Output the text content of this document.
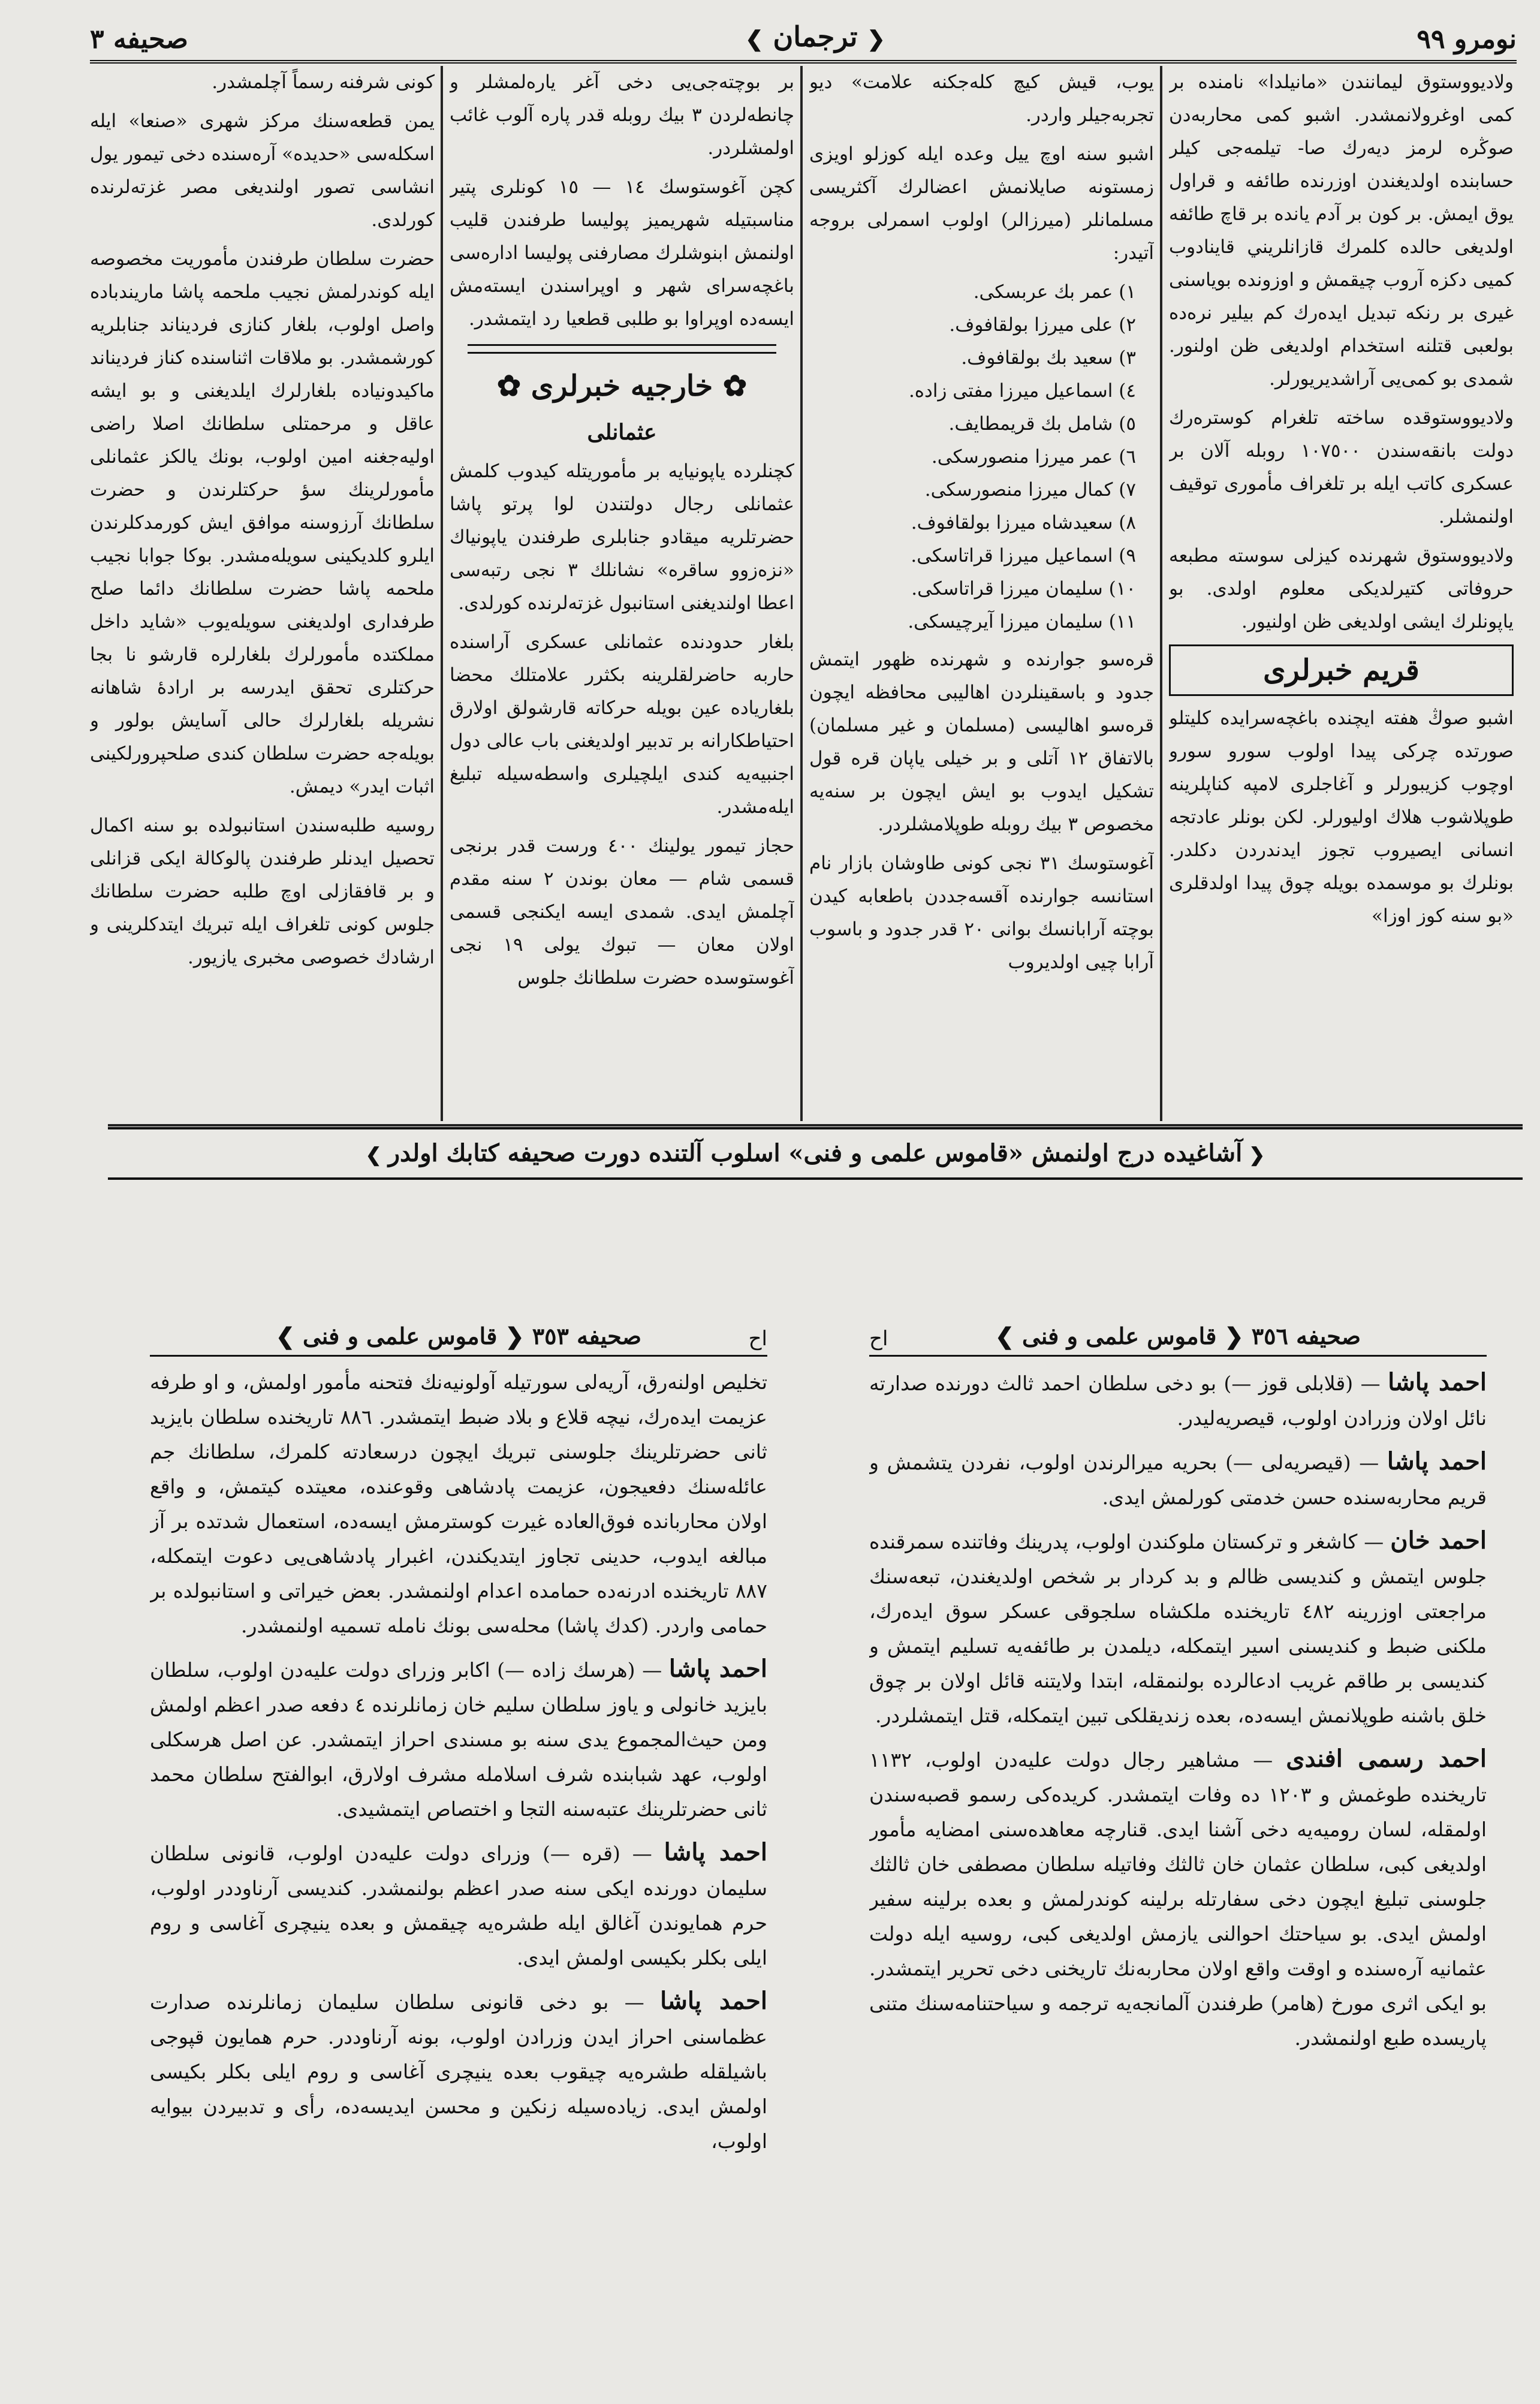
نومرو ٩٩
❮ ترجمان ❯
صحيفه ٣

ولاديووستوق ليمانندن «مانيلدا» نامنده بر كمى اوغرولانمشدر. اشبو كمى محاربه‌دن صوڭره لرمز ديه‌رك صا- تيلمه‌جى كيلر حسابنده اولديغندن اوزرنده طائفه و قراول يوق ايمش. بر كون بر آدم يانده بر قاچ طائفه اولديغى حالده كلمرك قازانلريني قاينادوب كميى دكزه آروب چيقمش و اوزونده بوياسنى غيرى بر رنكه تبديل ايده‌رك كم بيلير نره‌ده بولعبى قتلنه استخدام اولديغى ظن اولنور. شمدى بو كمى‌يى آراشديريورلر.

ولاديووستوقده ساخته تلغرام كوسترەرك دولت بانقه‌سندن ١٠٧٥٠٠ روبله آلان بر عسكرى كاتب ايله بر تلغراف مأمورى توقيف اولنمشلر.

ولاديووستوق شهرنده كيزلى سوسته مطبعه حروفاتى كتيرلديكى معلوم اولدى. بو ياپونلرك ايشى اولديغى ظن اولنيور.

قريم خبرلرى

اشبو صوڭ هفته ايچنده باغچه‌سرايده كليتلو صورتده چركى پيدا اولوب سورو سورو اوچوب كزيبورلر و آغاجلرى لامپه كناپلرينه طوپلاشوب هلاك اوليورلر. لكن بونلر عادتجه انسانى ايصيروب تجوز ايدندردن دكلدر. بونلرك بو موسمده بويله چوق پيدا اولدقلرى «بو سنه كوز اوزا»

يوب، قيش كيچ كله‌جكنه علامت» ديو تجربه‌جيلر واردر.

اشبو سنه اوچ ييل وعده ايله كوزلو اويزى زمستونه صايلانمش اعضالرك آكثريسى مسلمانلر (ميرزالر) اولوب اسمرلى بروجه آتيدر:

١) عمر بك عربسكى.
٢) على ميرزا بولقافوف.
٣) سعيد بك بولقافوف.
٤) اسماعيل ميرزا مفتى زاده.
٥) شامل بك قريمطايف.
٦) عمر ميرزا منصورسكى.
٧) كمال ميرزا منصورسكى.
٨) سعيدشاه ميرزا بولقافوف.
٩) اسماعيل ميرزا قراتاسكى.
١٠) سليمان ميرزا قراتاسكى.
١١) سليمان ميرزا آيرچيسكى.

قرەسو جوارنده و شهرنده ظهور ايتمش جدود و باسقينلردن اهاليبى محافظه ايچون قرەسو اهاليسى (مسلمان و غير مسلمان) بالاتفاق ١٢ آتلى و بر خيلى ياپان قره قول تشكيل ايدوب بو ايش ايچون بر سنه‌يه مخصوص ٣ بيك روبله طوپلامشلردر.

آغوستوسك ٣١ نجى كونى طاوشان بازار نام استانسه جوارنده آقسه‌جددن باطعابه كيدن بوچته آرابانسك بوانى ٢٠ قدر جدود و باسوب آرابا چيى اولديروب

بر بوچته‌جى‌يى دخى آغر ياره‌لمشلر و چانطه‌لردن ٣ بيك روبله قدر پاره آلوب غائب اولمشلردر.

كچن آغوستوسك ١٤ — ١٥ كونلرى پتير مناسبتيله شهريميز پوليسا طرفندن قليب اولنمش ابنوشلرك مصارفنى پوليسا اداره‌سى باغچه‌سراى شهر و اوپراسندن ايستەمش ايسەده اوپراوا بو طلبى قطعيا رد ايتمشدر.

✿ خارجيه خبرلرى ✿
عثمانلى

كچنلرده ياپونيايه بر مأموريتله كيدوب كلمش عثمانلى رجال دولتندن لوا پرتو پاشا حضرتلريه ميقادو جنابلرى طرفندن ياپونياك «نزه‌زوو ساقره» نشانلك ٣ نجى رتبه‌سى اعطا اولنديغنى استانبول غزته‌لرنده كورلدى.

بلغار حدودنده عثمانلى عسكرى آراسنده حاربه حاضرلقلرينه بكثرر علامتلك محضا بلغارياده عين بويله حركاته قارشولق اولارق احتياطكارانه بر تدبير اولديغنى باب عالى دول اجنبيه‌يه كندى ايلچيلرى واسطه‌سيله تبليغ ايله‌مشدر.

حجاز تيمور يولينك ٤٠٠ ورست قدر برنجى قسمى شام — معان بوندن ٢ سنه مقدم آچلمش ايدى. شمدى ايسه ايكنجى قسمى اولان معان — تبوك يولى ١٩ نجى آغوستوسده حضرت سلطانك جلوس

كونى شرفنه رسماً آچلمشدر.

يمن قطعه‌سنك مركز شهرى «صنعا» ايله اسكله‌سى «حديده» آره‌سنده دخى تيمور يول انشاسى تصور اولنديغى مصر غزته‌لرنده كورلدى.

حضرت سلطان طرفندن مأموريت مخصوصه ايله كوندرلمش نجيب ملحمه پاشا ماريندباده واصل اولوب، بلغار كنازى فرديناند جنابلريه كورشمشدر. بو ملاقات اثناسنده كناز فرديناند ماكيدونياده بلغارلرك ايلديغنى و بو ايشه عاقل و مرحمتلى سلطانك اصلا راضى اوليه‌جغنه امين اولوب، بونك يالكز عثمانلى مأمورلرينك سؤ حركتلرندن و حضرت سلطانك آرزوسنه موافق ايش كورمدكلرندن ايلرو كلديكينى سويله‌مشدر. بوكا جوابا نجيب ملحمه پاشا حضرت سلطانك دائما صلح طرفدارى اولديغنى سويله‌يوب «شايد داخل مملكتده مأمورلرك بلغارلره قارشو نا بجا حركتلرى تحقق ايدرسه بر ارادهٔ شاهانه نشريله بلغارلرك حالى آسايش بولور و بويله‌جه حضرت سلطان كندى صلحپرورلكينى اثبات ايدر» ديمش.

روسيه طلبه‌سندن استانبولده بو سنه اكمال تحصيل ايدنلر طرفندن پالوكالة ايكى قزانلى و بر قافقازلى اوچ طلبه حضرت سلطانك جلوس كونى تلغراف ايله تبريك ايتدكلرينى و ارشادك خصوصى مخبرى يازيور.

❮ آشاغيده درج اولنمش «قاموس علمى و فنى» اسلوب آلتنده دورت صحيفه كتابك اولدر ❯
اح	صحيفه ٣٥٦ ❮ قاموس علمى و فنى ❯
احمد پاشا — (قلابلى قوز —) بو دخى سلطان احمد ثالث دورنده صدارته نائل اولان وزرادن اولوب، قيصريه‌ليدر.
احمد پاشا — (قيصريه‌لى —) بحريه ميرالرندن اولوب، نفردن يتشمش و قريم محاربه‌سنده حسن خدمتى كورلمش ايدى.
احمد خان — كاشغر و تركستان ملوكندن اولوب، پدرينك وفاتنده سمرقنده جلوس ايتمش و كنديسى ظالم و بد كردار بر شخص اولديغندن، تبعه‌سنك مراجعتى اوزرينه ٤٨٢ تاريخنده ملكشاه سلجوقى عسكر سوق ايده‌رك، ملكنى ضبط و كنديسنى اسير ايتمكله، ديلمدن بر طائفه‌يه تسليم ايتمش و كنديسى بر طاقم غريب ادعالرده بولنمقله، ابتدا ولايتنه قائل اولان بر چوق خلق باشنه طوپلانمش ايسەده، بعده زنديقلكى تبين ايتمكله، قتل ايتمشلردر.
احمد رسمى افندى — مشاهير رجال دولت عليه‌دن اولوب، ١١٣٢ تاريخنده طوغمش و ١٢٠٣ ده وفات ايتمشدر. كريدەكى رسمو قصبه‌سندن اولمقله، لسان روميه‌يه دخى آشنا ايدى. قنارچه معاهده‌سنى امضايه مأمور اولديغى كبى، سلطان عثمان خان ثالثك وفاتيله سلطان مصطفى خان ثالثك جلوسنى تبليغ ايچون دخى سفارتله برلينه كوندرلمش و بعده برلينه سفير اولمش ايدى. بو سياحتك احوالنى يازمش اولديغى كبى، روسيه ايله دولت عثمانيه آره‌سنده و اوقت واقع اولان محاربه‌نك تاريخنى دخى تحرير ايتمشدر. بو ايكى اثرى مورخ (هامر) طرفندن آلمانجه‌يه ترجمه و سياحتنامه‌سنك متنى پاريسده طبع اولنمشدر.
اح
صحيفه ٣٥٣ ❮ قاموس علمى و فنى ❯
تخليص اولنه‌رق، آريه‌لى سورتيله آولونيه‌نك فتحنه مأمور اولمش، و او طرفه عزيمت ايده‌رك، نيچه قلاع و بلاد ضبط ايتمشدر. ٨٨٦ تاريخنده سلطان بايزيد ثانى حضرتلرينك جلوسنى تبريك ايچون درسعادته كلمرك، سلطانك جم عائله‌سنك دفعيجون، عزيمت پادشاهى وقوعنده، معيتده كيتمش، و واقع اولان محاربانده فوق‌العاده غيرت كوسترمش ايسه‌ده، استعمال شدتده بر آز مبالغه ايدوب، حدينى تجاوز ايتديكندن، اغبرار پادشاهى‌يى دعوت ايتمكله، ٨٨٧ تاريخنده ادرنه‌ده حمامده اعدام اولنمشدر. بعض خيراتى و استانبولده بر حمامى واردر. (كدك پاشا) محله‌سى بونك نامله تسميه اولنمشدر.
احمد پاشا — (هرسك زاده —) اكابر وزراى دولت عليه‌دن اولوب، سلطان بايزيد خانولى و ياوز سلطان سليم خان زمانلرنده ٤ دفعه صدر اعظم اولمش ومن حيث‌المجموع يدى سنه بو مسندى احراز ايتمشدر. عن اصل هرسكلى اولوب، عهد شبابنده شرف اسلامله مشرف اولارق، ابوالفتح سلطان محمد ثانى حضرتلرينك عتبه‌سنه التجا و اختصاص ايتمشيدى.
احمد پاشا — (قره —) وزراى دولت عليه‌دن اولوب، قانونى سلطان سليمان دورنده ايكى سنه صدر اعظم بولنمشدر. كنديسى آرناوددر اولوب، حرم همايوندن آغالق ايله طشره‌يه چيقمش و بعده ينيچرى آغاسى و روم ايلى بكلر بكيسى اولمش ايدى.
احمد پاشا — بو دخى قانونى سلطان سليمان زمانلرنده صدارت عظماسنى احراز ايدن وزرادن اولوب، بونه آرناوددر. حرم همايون قپوجى باشيلقله طشره‌يه چيقوب بعده ينيچرى آغاسى و روم ايلى بكلر بكيسى اولمش ايدى. زياده‌سيله زنكين و محسن ايديسه‌ده، رأى و تدبيردن بيوايه اولوب،
